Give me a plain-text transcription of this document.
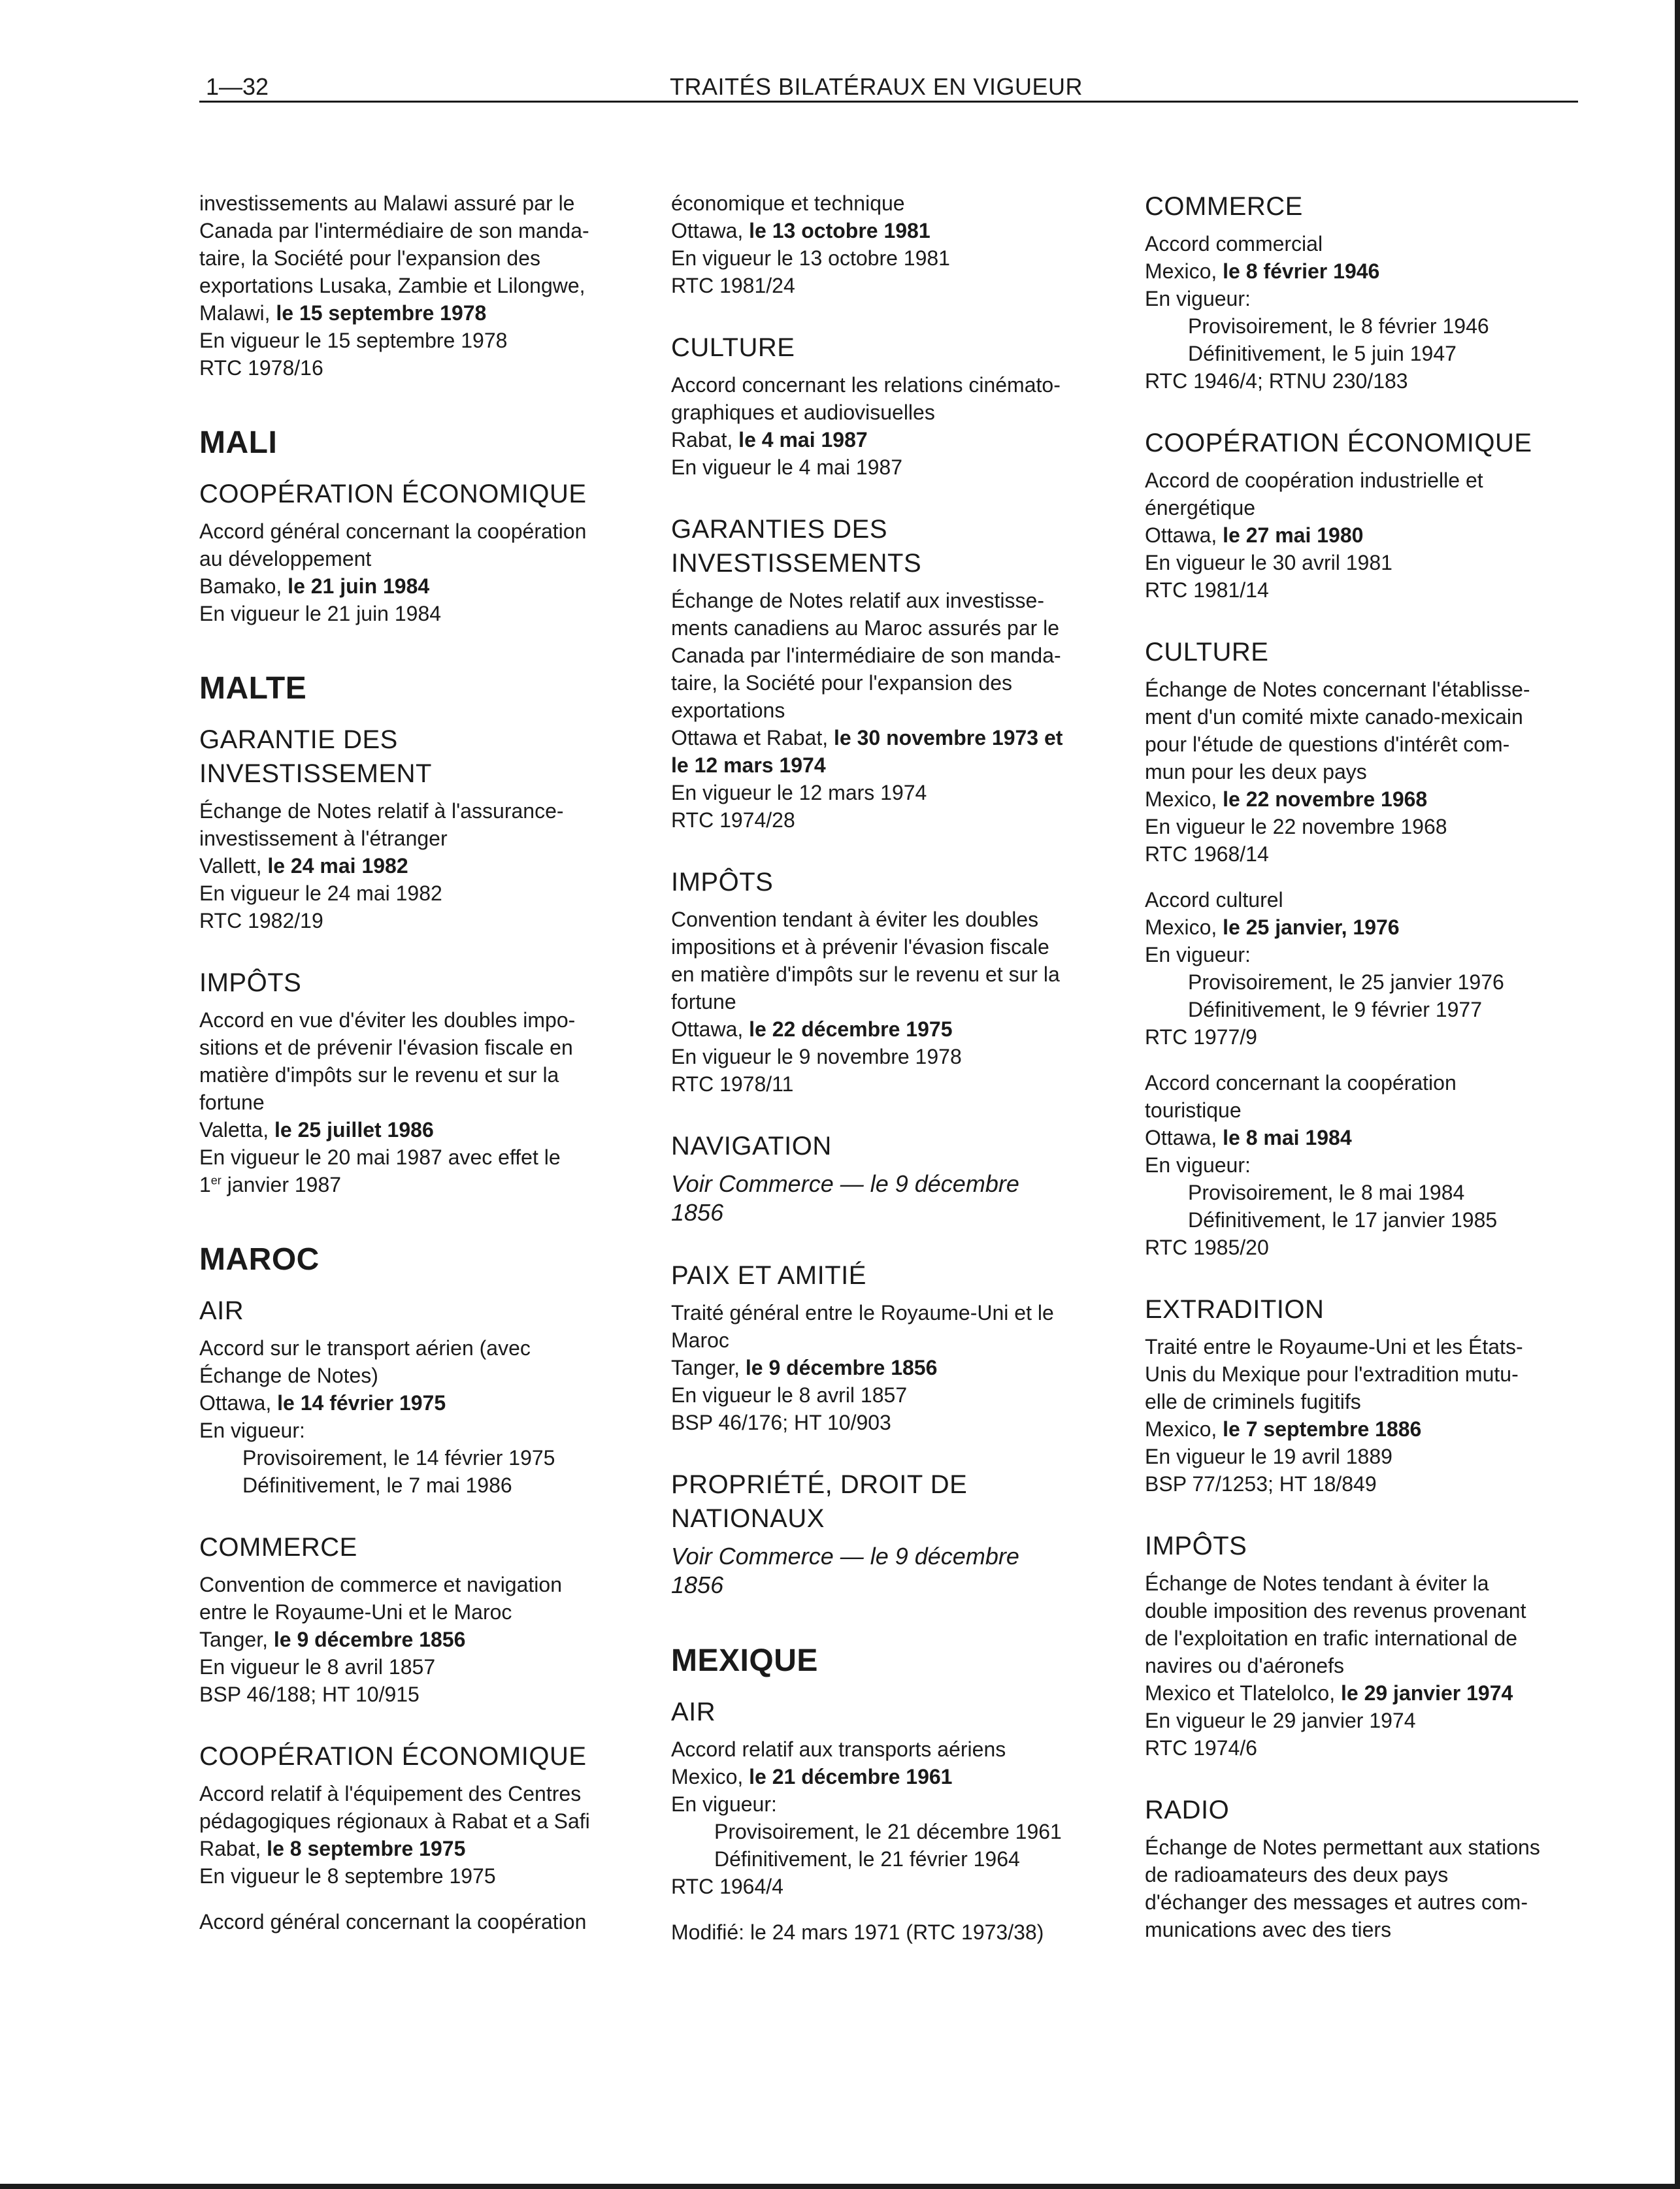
1—32	TRAITÉS BILATÉRAUX EN VIGUEUR

investissements au Malawi assuré par le

Canada par l'intermédiaire de son manda-

taire, la Société pour l'expansion des

exportations Lusaka, Zambie et Lilongwe,

Malawi, le 15 septembre 1978

En vigueur le 15 septembre 1978

RTC 1978/16

MALI
COOPÉRATION ÉCONOMIQUE

Accord général concernant la coopération

au développement

Bamako, le 21 juin 1984

En vigueur le 21 juin 1984

MALTE
GARANTIE DES
INVESTISSEMENT

Échange de Notes relatif à l'assurance-

investissement à l'étranger

Vallett, le 24 mai 1982

En vigueur le 24 mai 1982

RTC 1982/19

IMPÔTS

Accord en vue d'éviter les doubles impo-

sitions et de prévenir l'évasion fiscale en

matière d'impôts sur le revenu et sur la

fortune

Valetta, le 25 juillet 1986

En vigueur le 20 mai 1987 avec effet le

1er janvier 1987

MAROC
AIR

Accord sur le transport aérien (avec

Échange de Notes)

Ottawa, le 14 février 1975

En vigueur:

Provisoirement, le 14 février 1975

Définitivement, le 7 mai 1986

COMMERCE

Convention de commerce et navigation

entre le Royaume-Uni et le Maroc

Tanger, le 9 décembre 1856

En vigueur le 8 avril 1857

BSP 46/188; HT 10/915

COOPÉRATION ÉCONOMIQUE

Accord relatif à l'équipement des Centres

pédagogiques régionaux à Rabat et a Safi

Rabat, le 8 septembre 1975

En vigueur le 8 septembre 1975

Accord général concernant la coopération

économique et technique

Ottawa, le 13 octobre 1981

En vigueur le 13 octobre 1981

RTC 1981/24

CULTURE

Accord concernant les relations cinémato-

graphiques et audiovisuelles

Rabat, le 4 mai 1987

En vigueur le 4 mai 1987

GARANTIES DES
INVESTISSEMENTS

Échange de Notes relatif aux investisse-

ments canadiens au Maroc assurés par le

Canada par l'intermédiaire de son manda-

taire, la Société pour l'expansion des

exportations

Ottawa et Rabat, le 30 novembre 1973 et

le 12 mars 1974

En vigueur le 12 mars 1974

RTC 1974/28

IMPÔTS

Convention tendant à éviter les doubles

impositions et à prévenir l'évasion fiscale

en matière d'impôts sur le revenu et sur la

fortune

Ottawa, le 22 décembre 1975

En vigueur le 9 novembre 1978

RTC 1978/11

NAVIGATION

Voir Commerce — le 9 décembre

1856

PAIX ET AMITIÉ

Traité général entre le Royaume-Uni et le

Maroc

Tanger, le 9 décembre 1856

En vigueur le 8 avril 1857

BSP 46/176; HT 10/903

PROPRIÉTÉ, DROIT DE
NATIONAUX

Voir Commerce — le 9 décembre

1856

MEXIQUE
AIR

Accord relatif aux transports aériens

Mexico, le 21 décembre 1961

En vigueur:

Provisoirement, le 21 décembre 1961

Définitivement, le 21 février 1964

RTC 1964/4

Modifié: le 24 mars 1971 (RTC 1973/38)

COMMERCE

Accord commercial

Mexico, le 8 février 1946

En vigueur:

Provisoirement, le 8 février 1946

Définitivement, le 5 juin 1947

RTC 1946/4; RTNU 230/183

COOPÉRATION ÉCONOMIQUE

Accord de coopération industrielle et

énergétique

Ottawa, le 27 mai 1980

En vigueur le 30 avril 1981

RTC 1981/14

CULTURE

Échange de Notes concernant l'établisse-

ment d'un comité mixte canado-mexicain

pour l'étude de questions d'intérêt com-

mun pour les deux pays

Mexico, le 22 novembre 1968

En vigueur le 22 novembre 1968

RTC 1968/14

Accord culturel

Mexico, le 25 janvier, 1976

En vigueur:

Provisoirement, le 25 janvier 1976

Définitivement, le 9 février 1977

RTC 1977/9

Accord concernant la coopération

touristique

Ottawa, le 8 mai 1984

En vigueur:

Provisoirement, le 8 mai 1984

Définitivement, le 17 janvier 1985

RTC 1985/20

EXTRADITION

Traité entre le Royaume-Uni et les États-

Unis du Mexique pour l'extradition mutu-

elle de criminels fugitifs

Mexico, le 7 septembre 1886

En vigueur le 19 avril 1889

BSP 77/1253; HT 18/849

IMPÔTS

Échange de Notes tendant à éviter la

double imposition des revenus provenant

de l'exploitation en trafic international de

navires ou d'aéronefs

Mexico et Tlatelolco, le 29 janvier 1974

En vigueur le 29 janvier 1974

RTC 1974/6

RADIO

Échange de Notes permettant aux stations

de radioamateurs des deux pays

d'échanger des messages et autres com-

munications avec des tiers
